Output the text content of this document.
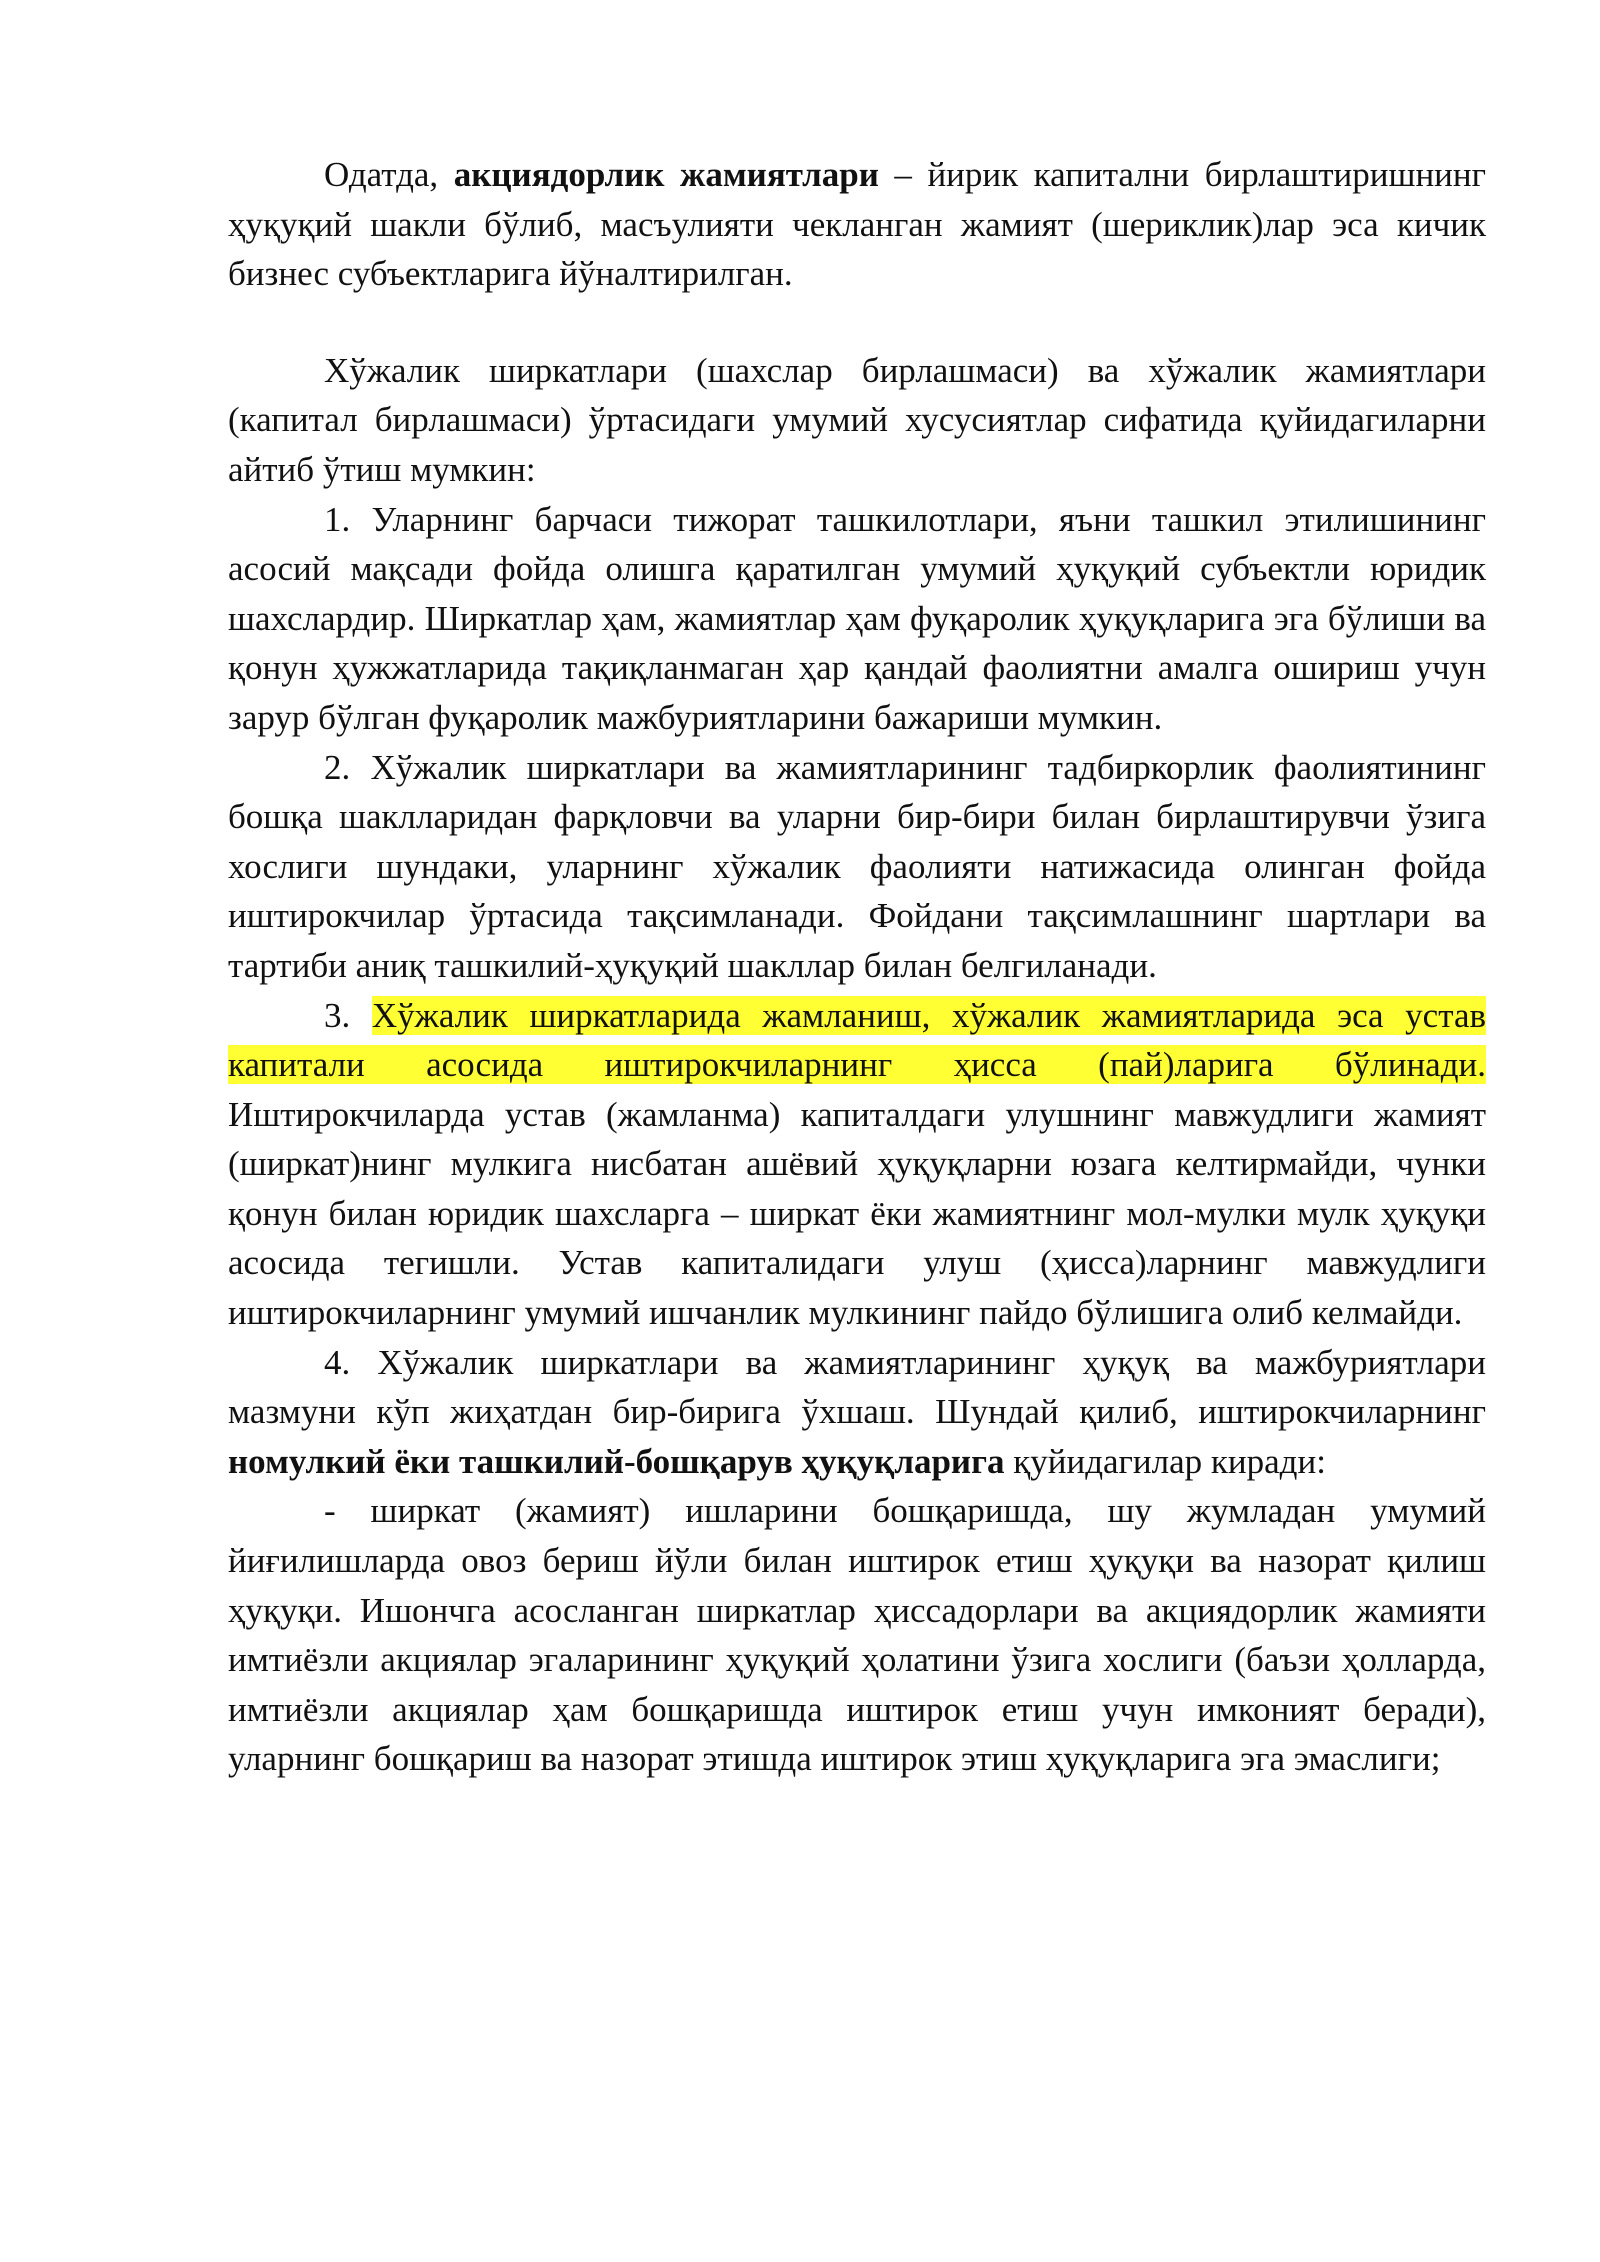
Одатда, акциядорлик жамиятлари – йирик капитални бирлаштиришнинг ҳуқуқий шакли бўлиб, масъулияти чекланган жамият (шериклик)лар эса кичик бизнес субъектларига йўналтирилган.

Хўжалик ширкатлари (шахслар бирлашмаси) ва хўжалик жамиятлари (капитал бирлашмаси) ўртасидаги умумий хусусиятлар сифатида қуйидагиларни айтиб ўтиш мумкин:

1. Уларнинг барчаси тижорат ташкилотлари, яъни ташкил этилишининг асосий мақсади фойда олишга қаратилган умумий ҳуқуқий субъектли юридик шахслардир. Ширкатлар ҳам, жамиятлар ҳам фуқаролик ҳуқуқларига эга бўлиши ва қонун ҳужжатларида тақиқланмаган ҳар қандай фаолиятни амалга ошириш учун зарур бўлган фуқаролик мажбуриятларини бажариши мумкин.

2. Хўжалик ширкатлари ва жамиятларининг тадбиркорлик фаолиятининг бошқа шаклларидан фарқловчи ва уларни бир-бири билан бирлаштирувчи ўзига хослиги шундаки, уларнинг хўжалик фаолияти натижасида олинган фойда иштирокчилар ўртасида тақсимланади. Фойдани тақсимлашнинг шартлари ва тартиби аниқ ташкилий-ҳуқуқий шакллар билан белгиланади.

3. Хўжалик ширкатларида жамланиш, хўжалик жамиятларида эса устав капитали асосида иштирокчиларнинг ҳисса (пай)ларига бўлинади. Иштирокчиларда устав (жамланма) капиталдаги улушнинг мавжудлиги жамият (ширкат)нинг мулкига нисбатан ашёвий ҳуқуқларни юзага келтирмайди, чунки қонун билан юридик шахсларга – ширкат ёки жамиятнинг мол-мулки мулк ҳуқуқи асосида тегишли. Устав капиталидаги улуш (ҳисса)ларнинг мавжудлиги иштирокчиларнинг умумий ишчанлик мулкининг пайдо бўлишига олиб келмайди.

4. Хўжалик ширкатлари ва жамиятларининг ҳуқуқ ва мажбуриятлари мазмуни кўп жиҳатдан бир-бирига ўхшаш. Шундай қилиб, иштирокчиларнинг номулкий ёки ташкилий-бошқарув ҳуқуқларига қуйидагилар киради:

- ширкат (жамият) ишларини бошқаришда, шу жумладан умумий йиғилишларда овоз бериш йўли билан иштирок етиш ҳуқуқи ва назорат қилиш ҳуқуқи. Ишончга асосланган ширкатлар ҳиссадорлари ва акциядорлик жамияти имтиёзли акциялар эгаларининг ҳуқуқий ҳолатини ўзига хослиги (баъзи ҳолларда, имтиёзли акциялар ҳам бошқаришда иштирок етиш учун имконият беради), уларнинг бошқариш ва назорат этишда иштирок этиш ҳуқуқларига эга эмаслиги;
